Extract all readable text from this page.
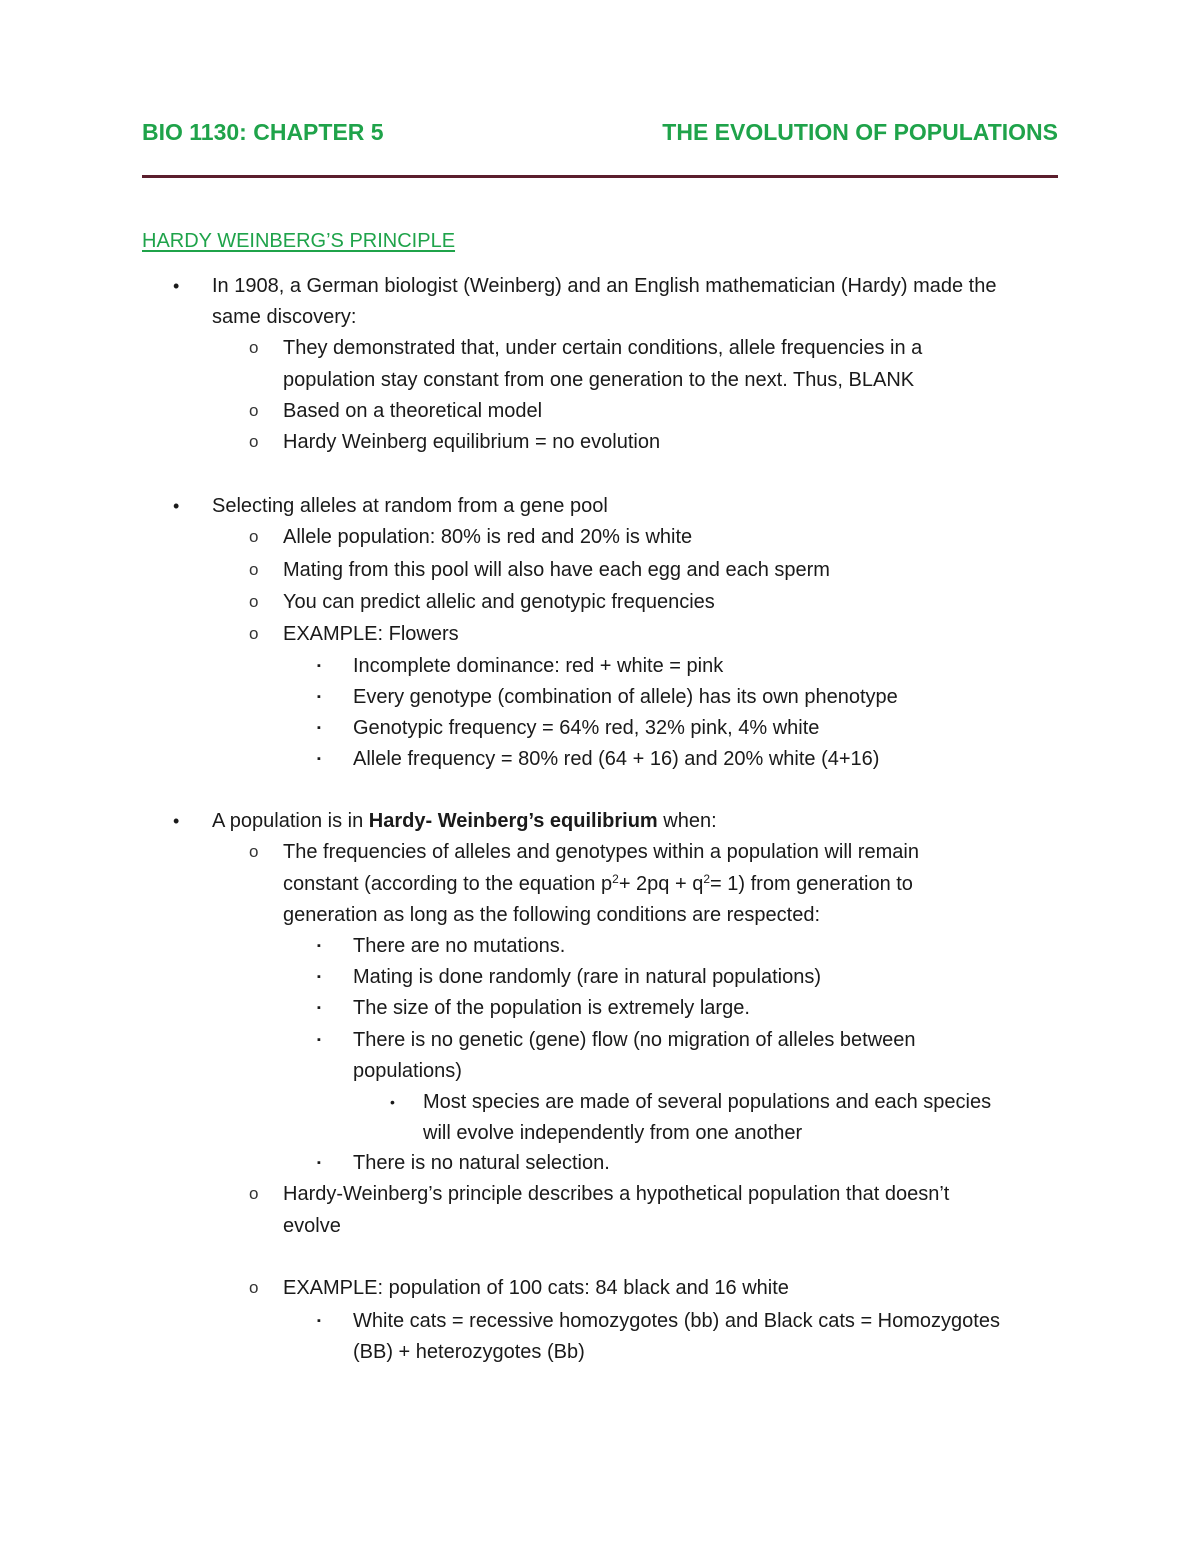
BIO 1130: CHAPTER 5	THE EVOLUTION OF POPULATIONS
HARDY WEINBERG’S PRINCIPLE
• In 1908, a German biologist (Weinberg) and an English mathematician (Hardy) made the
same discovery:
o They demonstrated that, under certain conditions, allele frequencies in a
population stay constant from one generation to the next. Thus, BLANK
o Based on a theoretical model
o Hardy Weinberg equilibrium = no evolution
• Selecting alleles at random from a gene pool
o Allele population: 80% is red and 20% is white
o Mating from this pool will also have each egg and each sperm
o You can predict allelic and genotypic frequencies
o EXAMPLE: Flowers
▪ Incomplete dominance: red + white = pink
▪ Every genotype (combination of allele) has its own phenotype
▪ Genotypic frequency = 64% red, 32% pink, 4% white
▪ Allele frequency = 80% red (64 + 16) and 20% white (4+16)
• A population is in Hardy- Weinberg’s equilibrium when:
o The frequencies of alleles and genotypes within a population will remain
constant (according to the equation $p^2+ 2pq + q^2= 1$) from generation to
generation as long as the following conditions are respected:
▪ There are no mutations.
▪ Mating is done randomly (rare in natural populations)
▪ The size of the population is extremely large.
▪ There is no genetic (gene) flow (no migration of alleles between
populations)
• Most species are made of several populations and each species
will evolve independently from one another
▪ There is no natural selection.
o Hardy-Weinberg’s principle describes a hypothetical population that doesn’t
evolve
o EXAMPLE: population of 100 cats: 84 black and 16 white
▪ White cats = recessive homozygotes (bb) and Black cats = Homozygotes
(BB) + heterozygotes (Bb)
